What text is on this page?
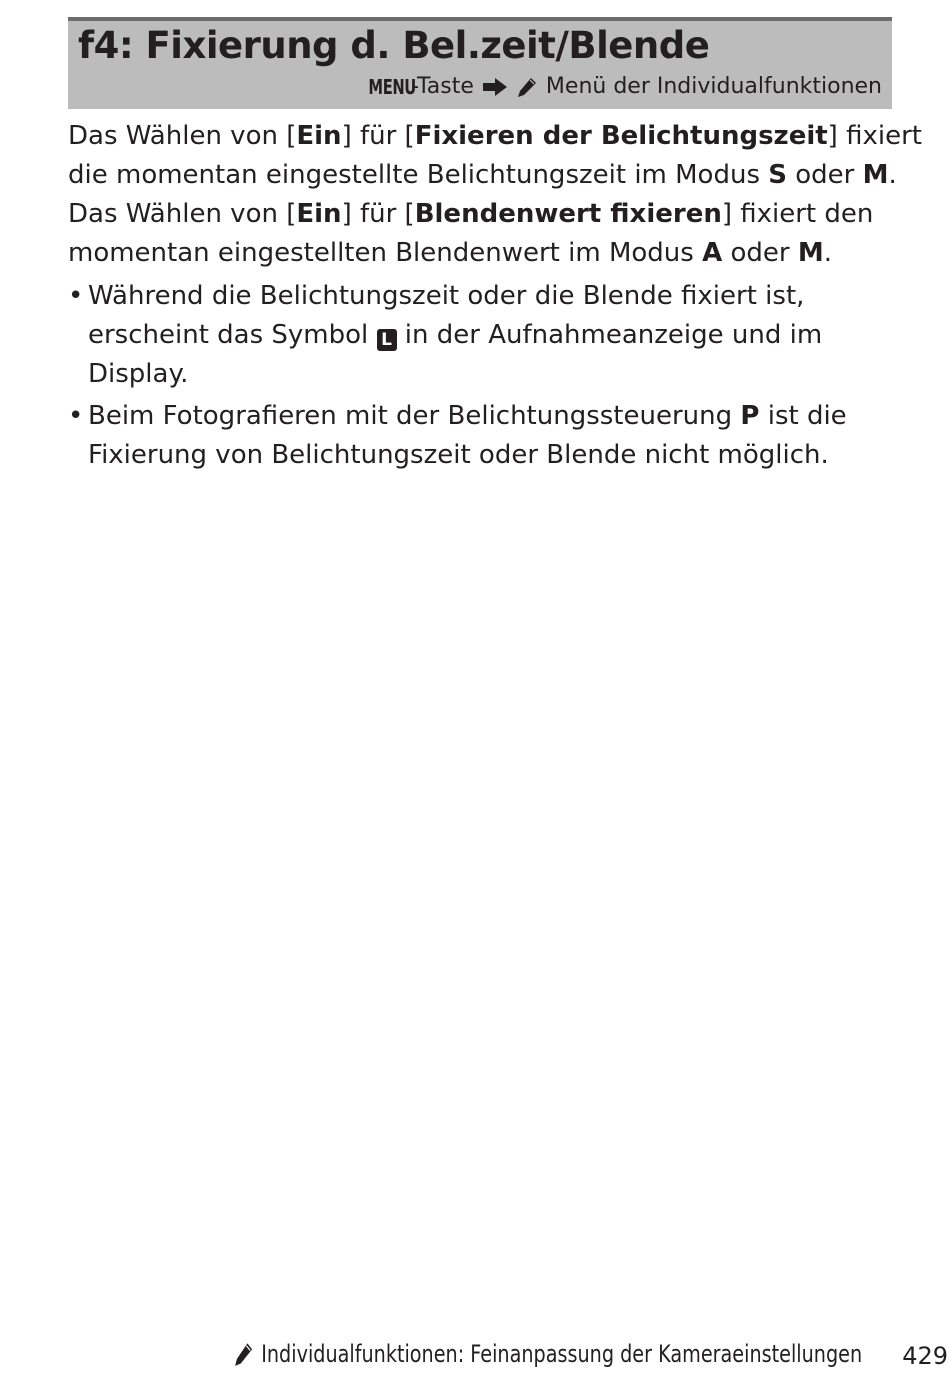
f4: Fixierung d. Bel.zeit/Blende
MENU
-Taste	Menü der Individualfunktionen
Das Wählen von [Ein] für [Fixieren der Belichtungszeit] fixiert
die momentan eingestellte Belichtungszeit im Modus S oder M.
Das Wählen von [Ein] für [Blendenwert fixieren] fixiert den
momentan eingestellten Blendenwert im Modus A oder M.
• Während die Belichtungszeit oder die Blende fixiert ist,
erscheint das Symbol L in der Aufnahmeanzeige und im
Display.
• Beim Fotografieren mit der Belichtungssteuerung P ist die
Fixierung von Belichtungszeit oder Blende nicht möglich.
Individualfunktionen: Feinanpassung der Kameraeinstellungen 429
